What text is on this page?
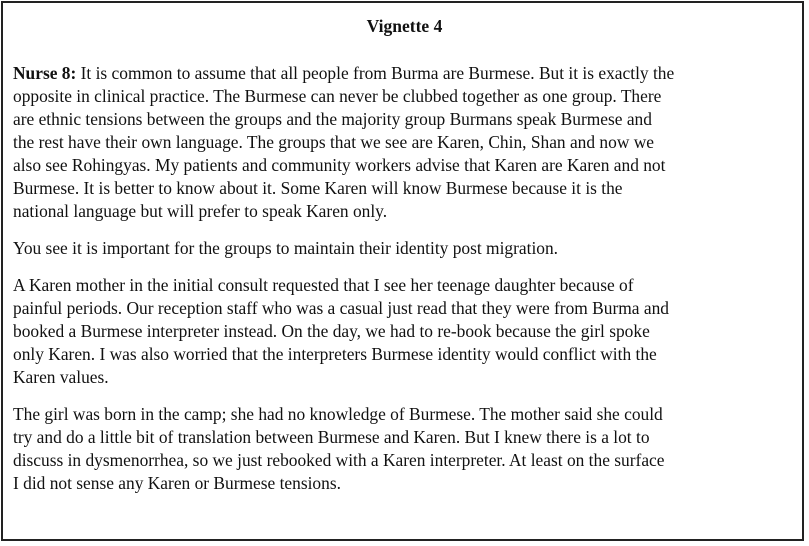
Vignette 4

Nurse 8: It is common to assume that all people from Burma are Burmese. But it is exactly the
opposite in clinical practice. The Burmese can never be clubbed together as one group. There
are ethnic tensions between the groups and the majority group Burmans speak Burmese and
the rest have their own language. The groups that we see are Karen, Chin, Shan and now we
also see Rohingyas. My patients and community workers advise that Karen are Karen and not
Burmese. It is better to know about it. Some Karen will know Burmese because it is the
national language but will prefer to speak Karen only.

You see it is important for the groups to maintain their identity post migration.

A Karen mother in the initial consult requested that I see her teenage daughter because of
painful periods. Our reception staff who was a casual just read that they were from Burma and
booked a Burmese interpreter instead. On the day, we had to re-book because the girl spoke
only Karen. I was also worried that the interpreters Burmese identity would conflict with the
Karen values.

The girl was born in the camp; she had no knowledge of Burmese. The mother said she could
try and do a little bit of translation between Burmese and Karen. But I knew there is a lot to
discuss in dysmenorrhea, so we just rebooked with a Karen interpreter. At least on the surface
I did not sense any Karen or Burmese tensions.
